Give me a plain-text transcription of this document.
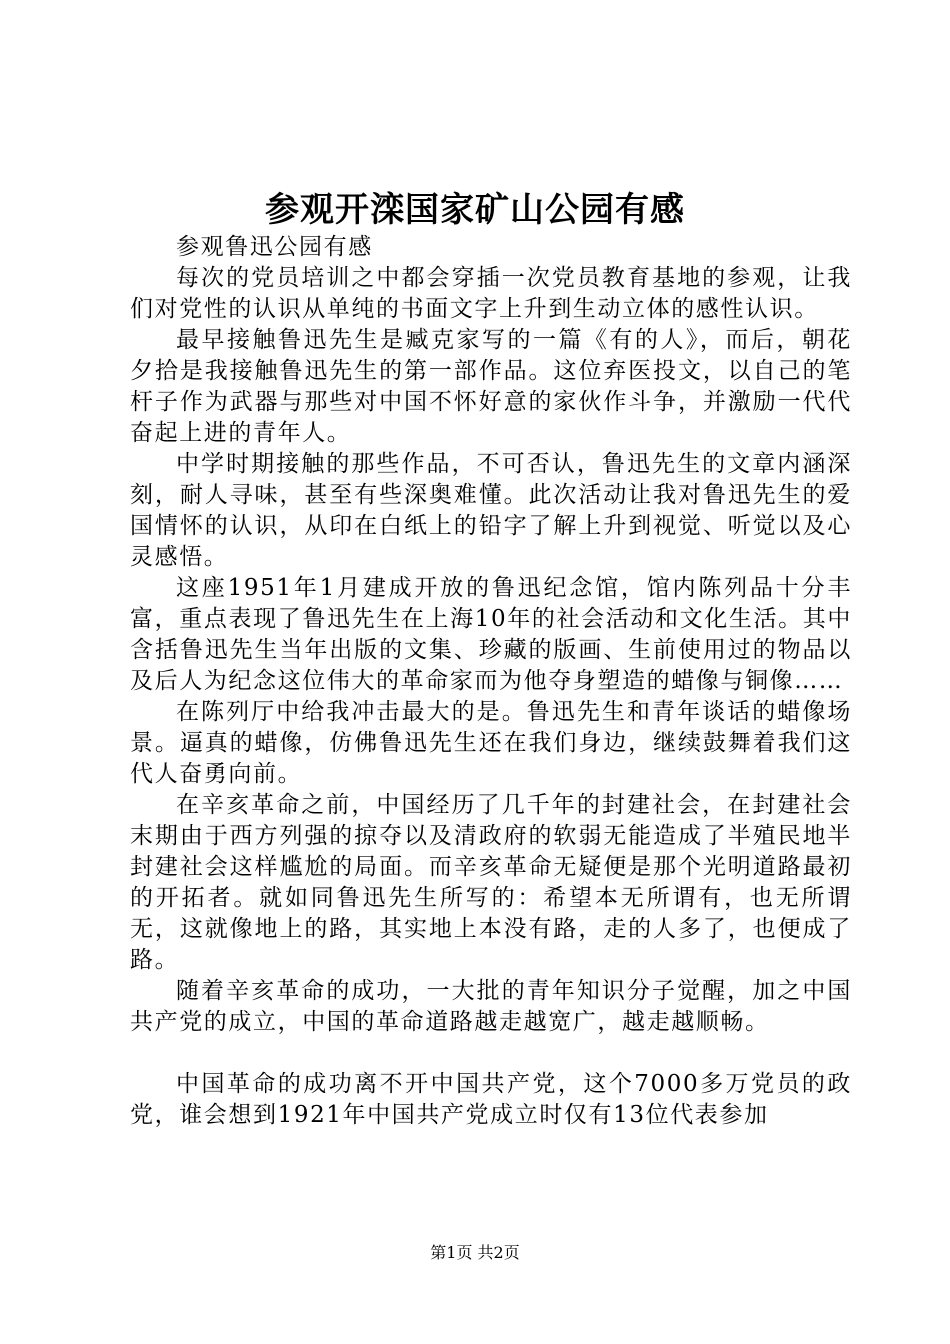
参观开滦国家矿山公园有感

参观鲁迅公园有感

每次的党员培训之中都会穿插一次党员教育基地的参观，让我们对党性的认识从单纯的书面文字上升到生动立体的感性认识。

最早接触鲁迅先生是臧克家写的一篇《有的人》，而后，朝花夕拾是我接触鲁迅先生的第一部作品。这位弃医投文，以自己的笔杆子作为武器与那些对中国不怀好意的家伙作斗争，并激励一代代奋起上进的青年人。

中学时期接触的那些作品，不可否认，鲁迅先生的文章内涵深刻，耐人寻味，甚至有些深奥难懂。此次活动让我对鲁迅先生的爱国情怀的认识，从印在白纸上的铅字了解上升到视觉、听觉以及心灵感悟。

这座1951年1月建成开放的鲁迅纪念馆，馆内陈列品十分丰富，重点表现了鲁迅先生在上海10年的社会活动和文化生活。其中含括鲁迅先生当年出版的文集、珍藏的版画、生前使用过的物品以及后人为纪念这位伟大的革命家而为他夺身塑造的蜡像与铜像……

在陈列厅中给我冲击最大的是。鲁迅先生和青年谈话的蜡像场景。逼真的蜡像，仿佛鲁迅先生还在我们身边，继续鼓舞着我们这代人奋勇向前。

在辛亥革命之前，中国经历了几千年的封建社会，在封建社会末期由于西方列强的掠夺以及清政府的软弱无能造成了半殖民地半封建社会这样尴尬的局面。而辛亥革命无疑便是那个光明道路最初的开拓者。就如同鲁迅先生所写的：希望本无所谓有，也无所谓无，这就像地上的路，其实地上本没有路，走的人多了，也便成了路。

随着辛亥革命的成功，一大批的青年知识分子觉醒，加之中国共产党的成立，中国的革命道路越走越宽广，越走越顺畅。

中国革命的成功离不开中国共产党，这个7000多万党员的政党，谁会想到1921年中国共产党成立时仅有13位代表参加

第1页 共2页
